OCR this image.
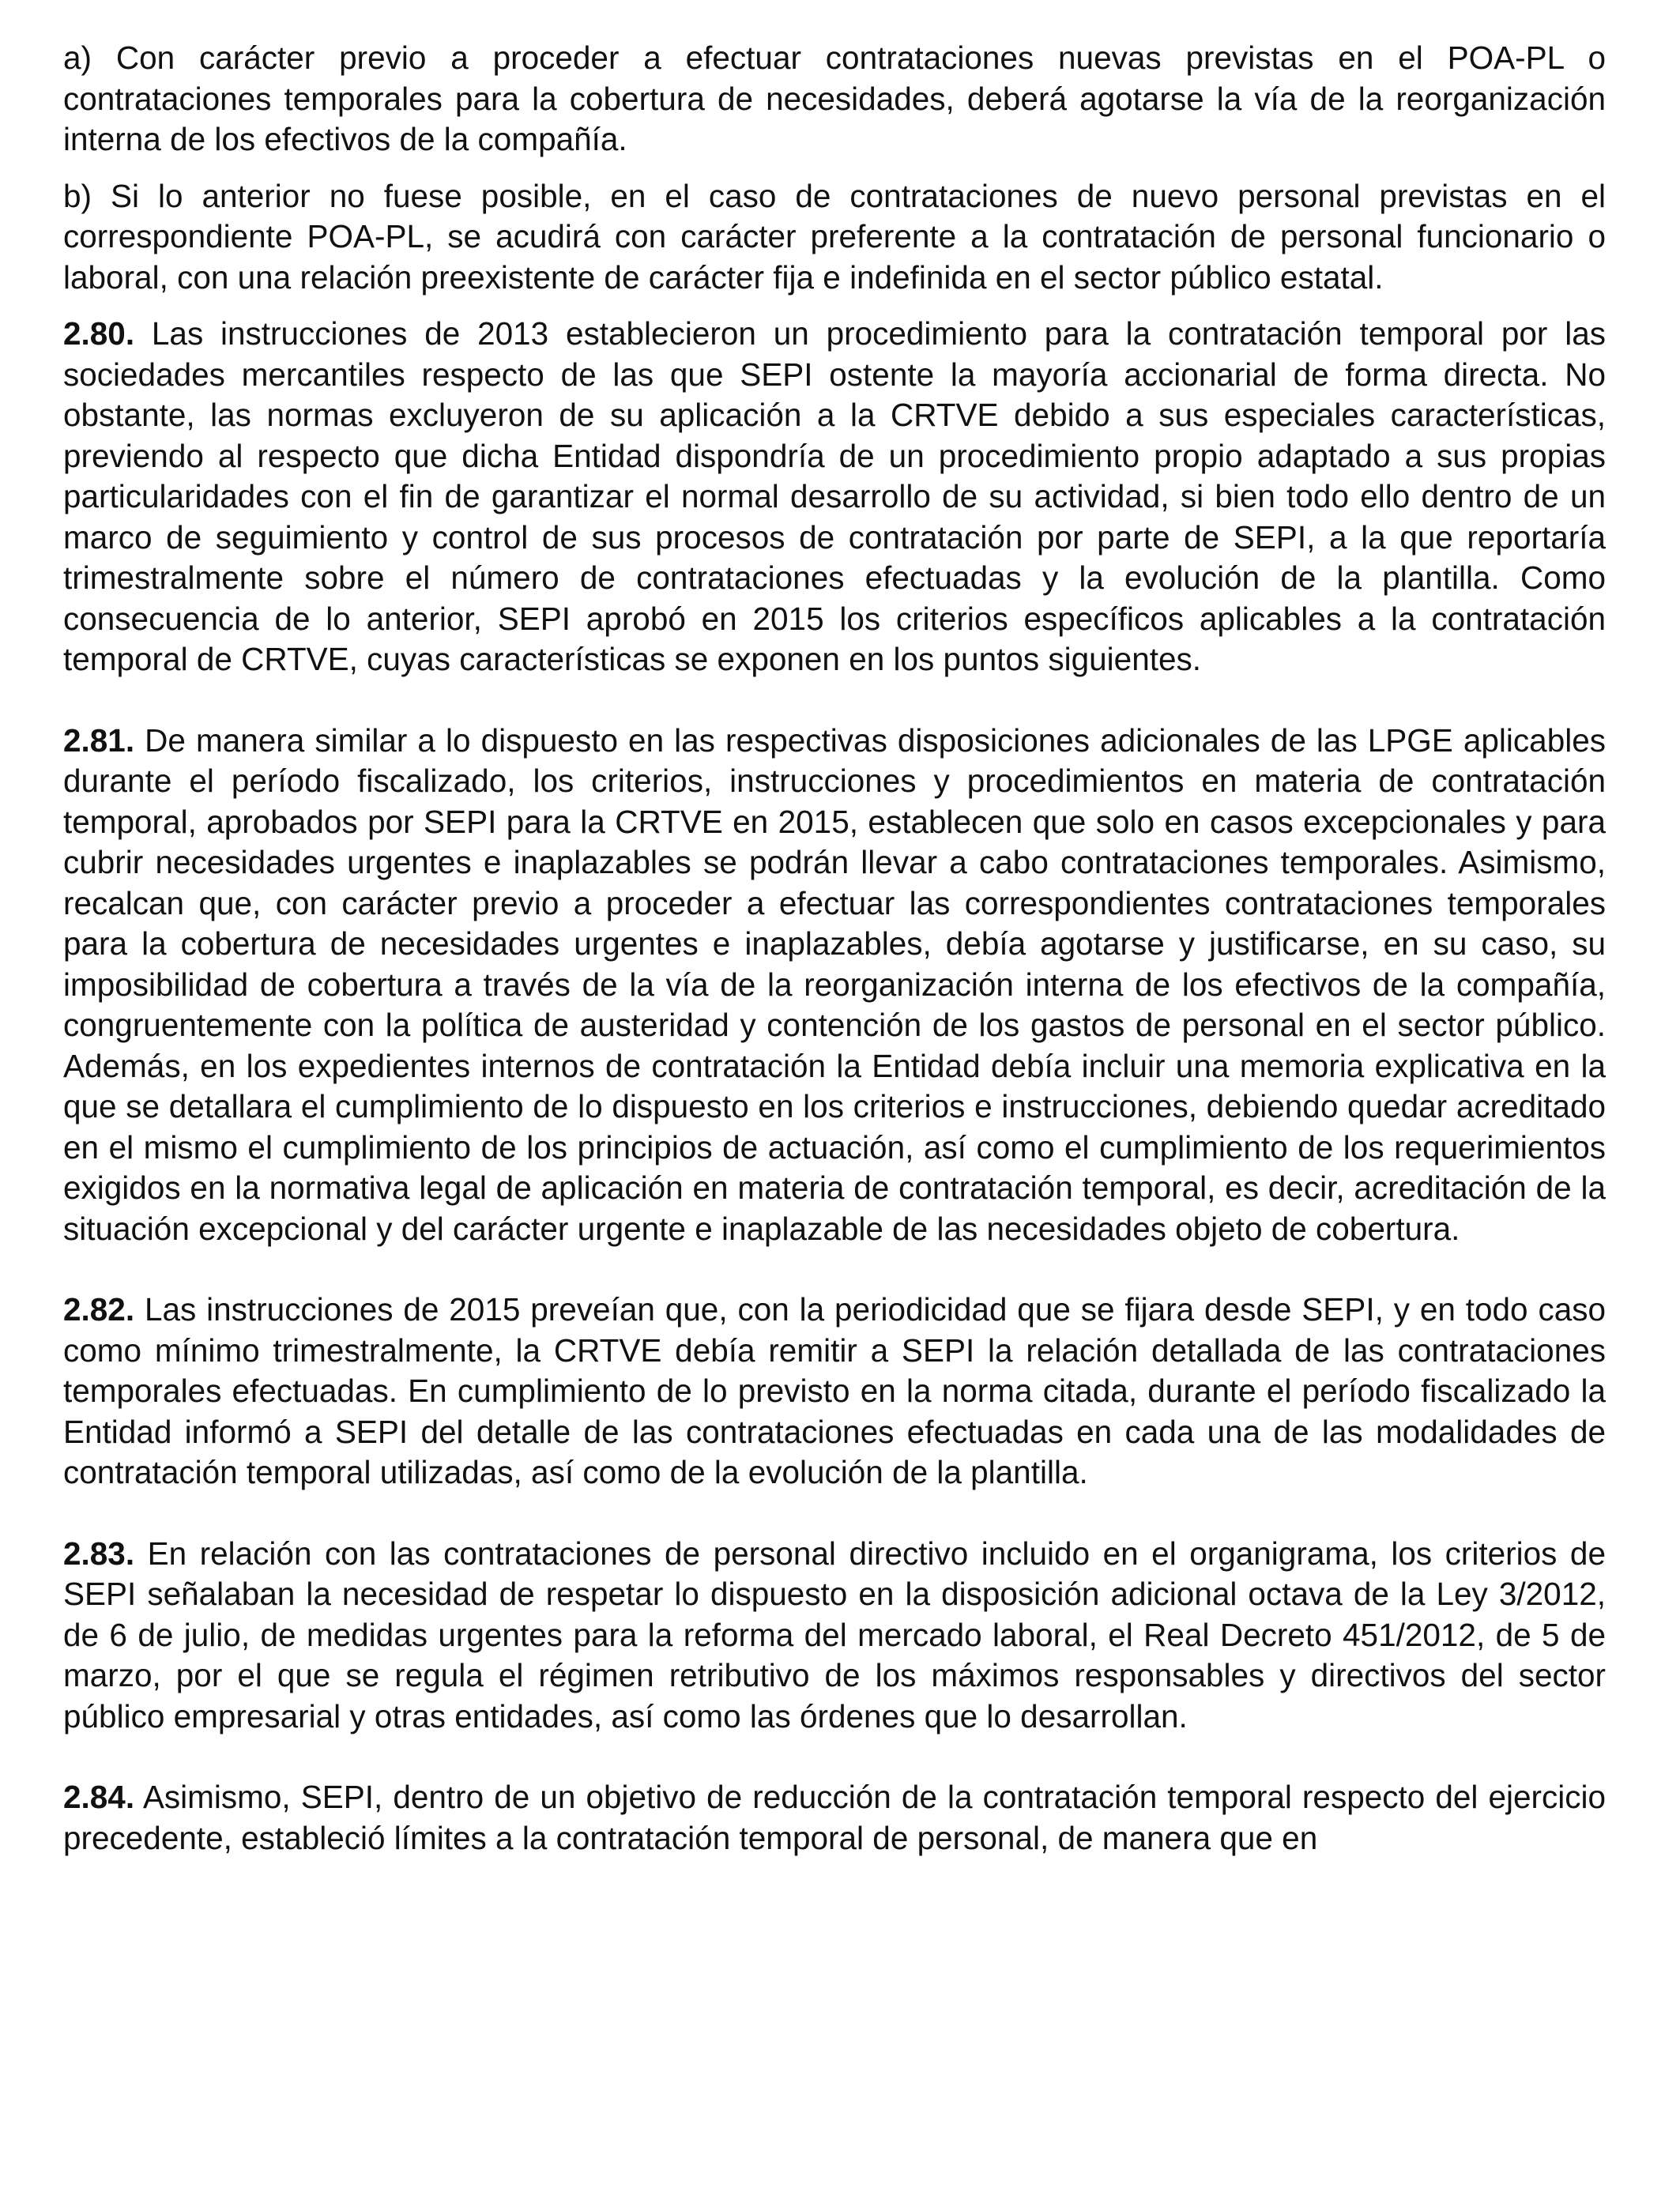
a) Con carácter previo a proceder a efectuar contrataciones nuevas previstas en el POA-PL o contrataciones temporales para la cobertura de necesidades, deberá agotarse la vía de la reorganización interna de los efectivos de la compañía.

b) Si lo anterior no fuese posible, en el caso de contrataciones de nuevo personal previstas en el correspondiente POA-PL, se acudirá con carácter preferente a la contratación de personal funcionario o laboral, con una relación preexistente de carácter fija e indefinida en el sector público estatal.

2.80. Las instrucciones de 2013 establecieron un procedimiento para la contratación temporal por las sociedades mercantiles respecto de las que SEPI ostente la mayoría accionarial de forma directa. No obstante, las normas excluyeron de su aplicación a la CRTVE debido a sus especiales características, previendo al respecto que dicha Entidad dispondría de un procedimiento propio adaptado a sus propias particularidades con el fin de garantizar el normal desarrollo de su actividad, si bien todo ello dentro de un marco de seguimiento y control de sus procesos de contratación por parte de SEPI, a la que reportaría trimestralmente sobre el número de contrataciones efectuadas y la evolución de la plantilla. Como consecuencia de lo anterior, SEPI aprobó en 2015 los criterios específicos aplicables a la contratación temporal de CRTVE, cuyas características se exponen en los puntos siguientes.

2.81. De manera similar a lo dispuesto en las respectivas disposiciones adicionales de las LPGE aplicables durante el período fiscalizado, los criterios, instrucciones y procedimientos en materia de contratación temporal, aprobados por SEPI para la CRTVE en 2015, establecen que solo en casos excepcionales y para cubrir necesidades urgentes e inaplazables se podrán llevar a cabo contrataciones temporales. Asimismo, recalcan que, con carácter previo a proceder a efectuar las correspondientes contrataciones temporales para la cobertura de necesidades urgentes e inaplazables, debía agotarse y justificarse, en su caso, su imposibilidad de cobertura a través de la vía de la reorganización interna de los efectivos de la compañía, congruentemente con la política de austeridad y contención de los gastos de personal en el sector público. Además, en los expedientes internos de contratación la Entidad debía incluir una memoria explicativa en la que se detallara el cumplimiento de lo dispuesto en los criterios e instrucciones, debiendo quedar acreditado en el mismo el cumplimiento de los principios de actuación, así como el cumplimiento de los requerimientos exigidos en la normativa legal de aplicación en materia de contratación temporal, es decir, acreditación de la situación excepcional y del carácter urgente e inaplazable de las necesidades objeto de cobertura.

2.82. Las instrucciones de 2015 preveían que, con la periodicidad que se fijara desde SEPI, y en todo caso como mínimo trimestralmente, la CRTVE debía remitir a SEPI la relación detallada de las contrataciones temporales efectuadas. En cumplimiento de lo previsto en la norma citada, durante el período fiscalizado la Entidad informó a SEPI del detalle de las contrataciones efectuadas en cada una de las modalidades de contratación temporal utilizadas, así como de la evolución de la plantilla.

2.83. En relación con las contrataciones de personal directivo incluido en el organigrama, los criterios de SEPI señalaban la necesidad de respetar lo dispuesto en la disposición adicional octava de la Ley 3/2012, de 6 de julio, de medidas urgentes para la reforma del mercado laboral, el Real Decreto 451/2012, de 5 de marzo, por el que se regula el régimen retributivo de los máximos responsables y directivos del sector público empresarial y otras entidades, así como las órdenes que lo desarrollan.

2.84. Asimismo, SEPI, dentro de un objetivo de reducción de la contratación temporal respecto del ejercicio precedente, estableció límites a la contratación temporal de personal, de manera que en
